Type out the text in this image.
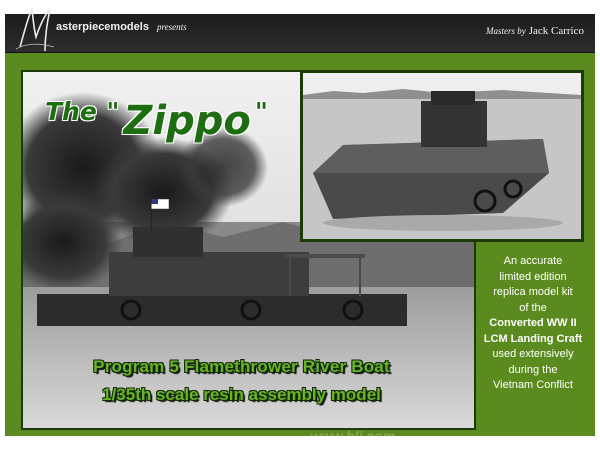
asterpiecemodels presents	Masters by Jack Carrico
The " Zippo "
Program 5 Flamethrower River Boat
1/35th scale resin assembly model
An accurate
limited edition
replica model kit
of the
Converted WW II
LCM Landing Craft
used extensively
during the
Vietnam Conflict
www.hlj.com
